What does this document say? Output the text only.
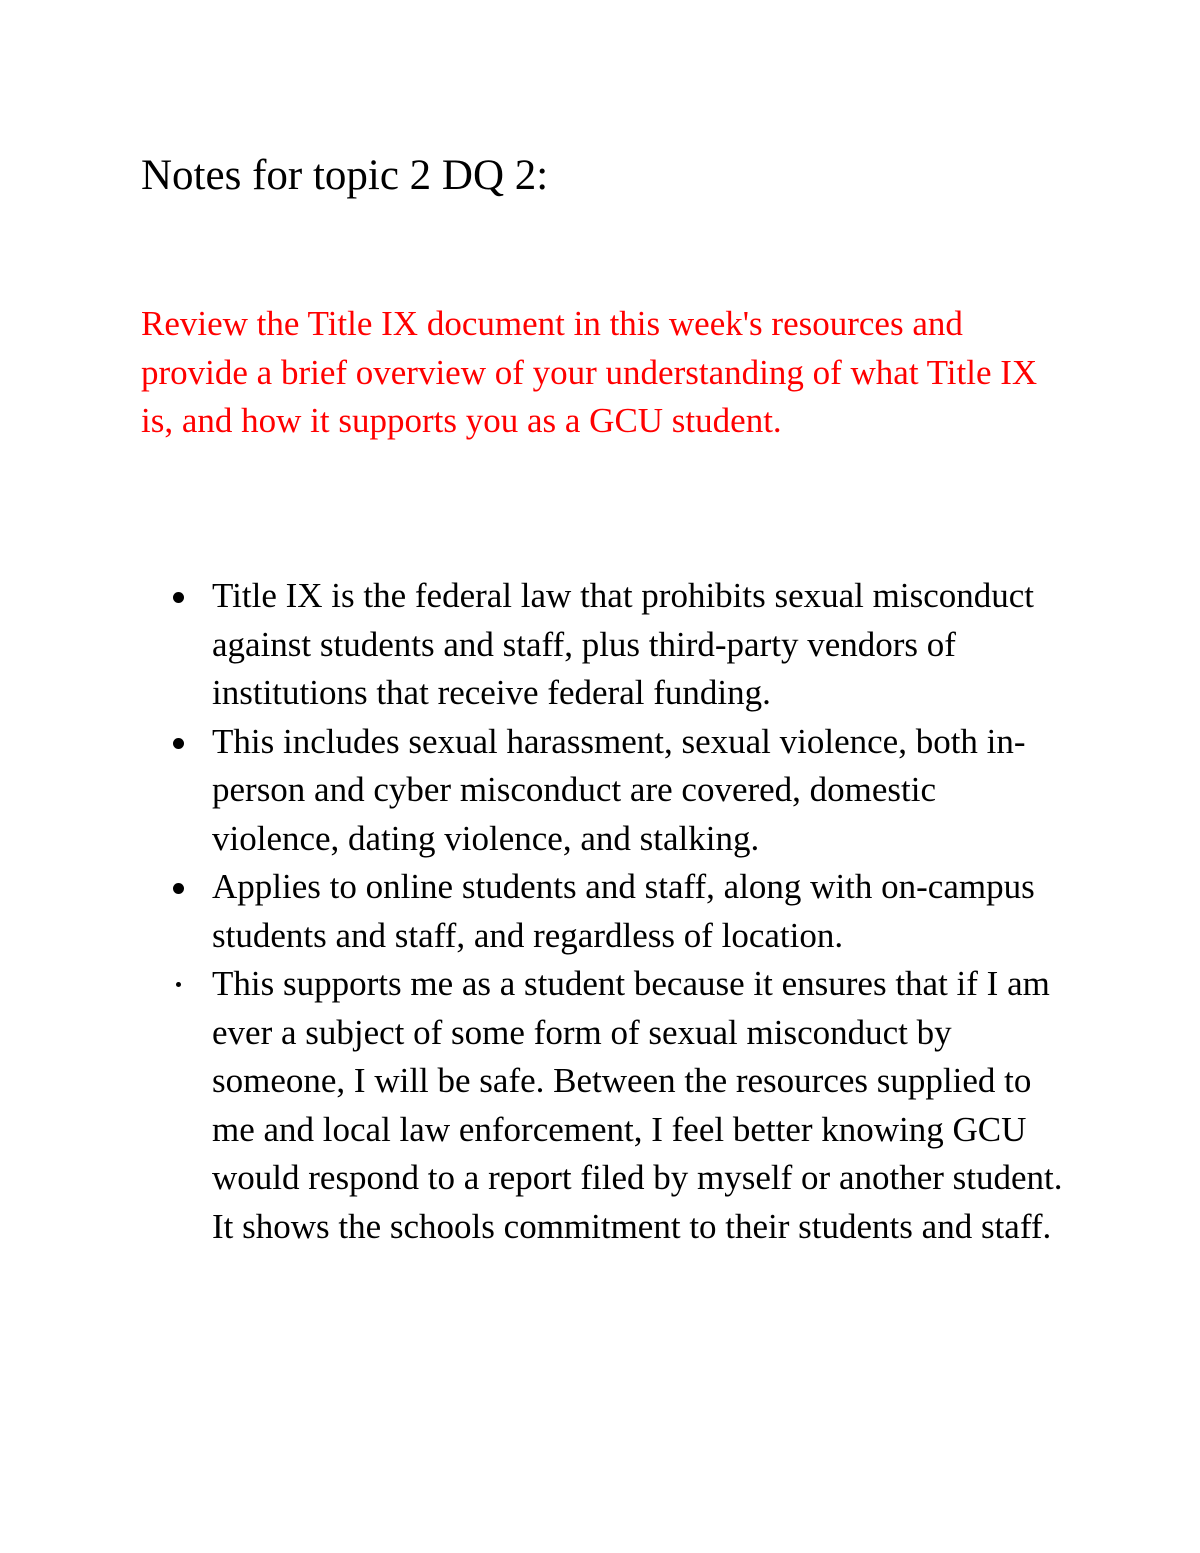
Notes for topic 2 DQ 2:

Review the Title IX document in this week's resources and provide a brief overview of your understanding of what Title IX is, and how it supports you as a GCU student.

Title IX is the federal law that prohibits sexual misconduct against students and staff, plus third-party vendors of institutions that receive federal funding.
This includes sexual harassment, sexual violence, both in-person and cyber misconduct are covered, domestic violence, dating violence, and stalking.
Applies to online students and staff, along with on-campus students and staff, and regardless of location.
This supports me as a student because it ensures that if I am ever a subject of some form of sexual misconduct by someone, I will be safe. Between the resources supplied to me and local law enforcement, I feel better knowing GCU would respond to a report filed by myself or another student. It shows the schools commitment to their students and staff.
